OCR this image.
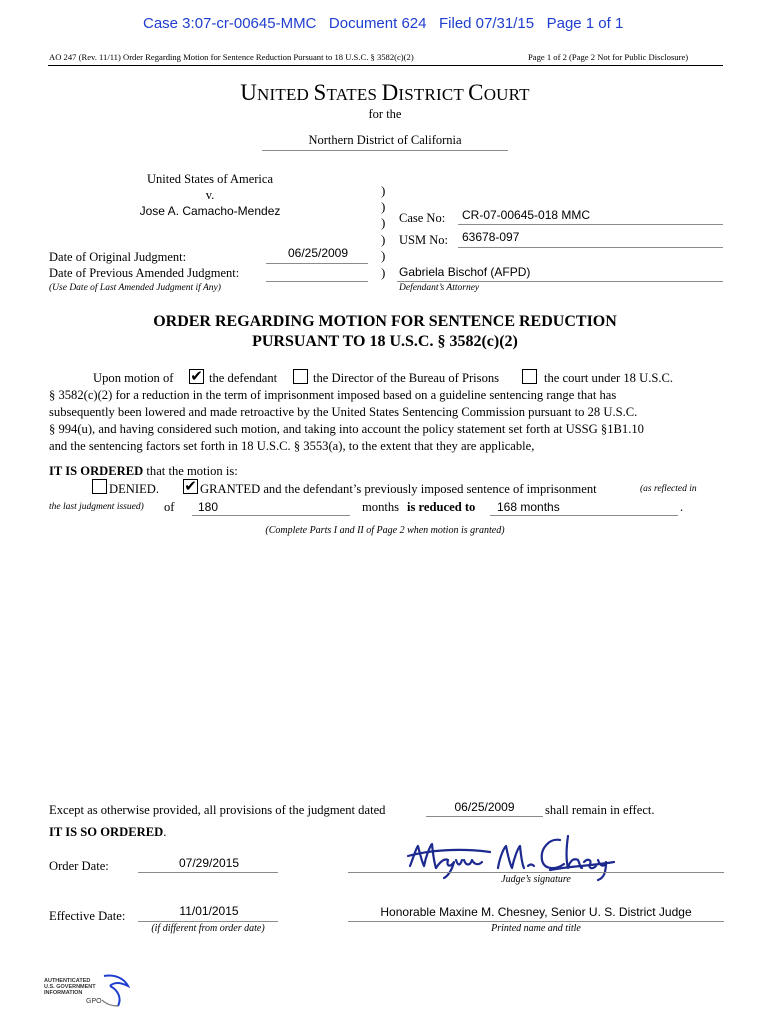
Case 3:07-cr-00645-MMC Document 624 Filed 07/31/15 Page 1 of 1
AO 247 (Rev. 11/11) Order Regarding Motion for Sentence Reduction Pursuant to 18 U.S.C. § 3582(c)(2)	Page 1 of 2 (Page 2 Not for Public Disclosure)
UNITED STATES DISTRICT COURT
for the
Northern District of California
United States of America
v.
Jose A. Camacho-Mendez
Date of Original Judgment:	06/25/2009
Date of Previous Amended Judgment:
(Use Date of Last Amended Judgment if Any)
)
)
)
)
)
)
Case No: CR-07-00645-018 MMC
USM No: 63678-097
Gabriela Bischof (AFPD)
Defendant’s Attorney
ORDER REGARDING MOTION FOR SENTENCE REDUCTION
PURSUANT TO 18 U.S.C. § 3582(c)(2)
Upon motion of ✔ the defendant	the Director of the Bureau of Prisons	the court under 18 U.S.C.
§ 3582(c)(2) for a reduction in the term of imprisonment imposed based on a guideline sentencing range that has
subsequently been lowered and made retroactive by the United States Sentencing Commission pursuant to 28 U.S.C.
§ 994(u), and having considered such motion, and taking into account the policy statement set forth at USSG §1B1.10
and the sentencing factors set forth in 18 U.S.C. § 3553(a), to the extent that they are applicable,
IT IS ORDERED that the motion is:
DENIED. ✔ GRANTED and the defendant’s previously imposed sentence of imprisonment	(as reflected in
the last judgment issued) of 180	months is reduced to 168 months	.
(Complete Parts I and II of Page 2 when motion is granted)
Except as otherwise provided, all provisions of the judgment dated	06/25/2009	shall remain in effect.
IT IS SO ORDERED.
Order Date:	07/29/2015
Judge’s signature
Effective Date:	11/01/2015
(if different from order date)
Honorable Maxine M. Chesney, Senior U. S. District Judge
Printed name and title
AUTHENTICATED
U.S. GOVERNMENT
INFORMATION
GPO
